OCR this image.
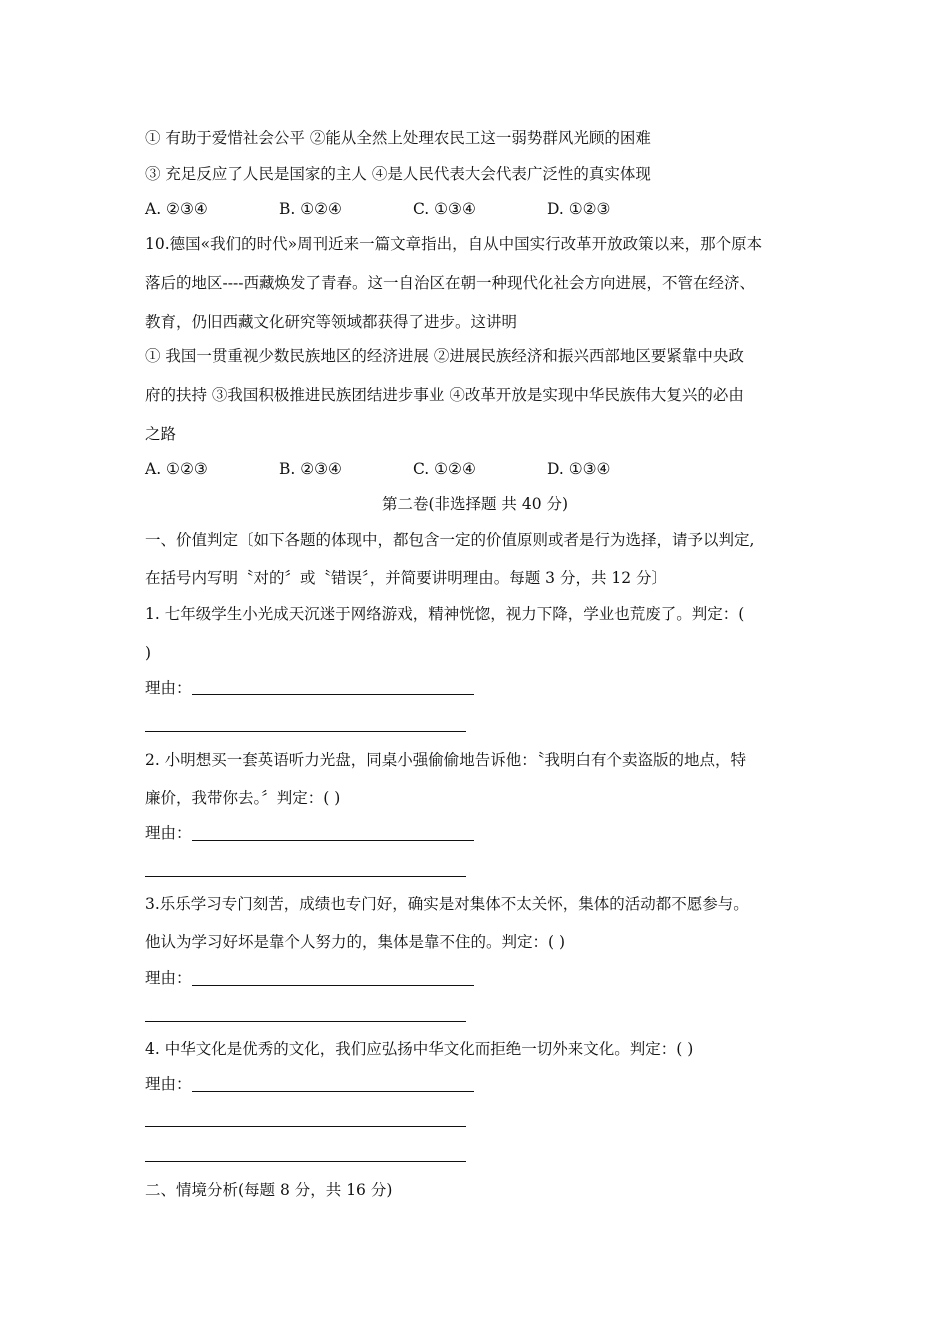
① 有助于爱惜社会公平 ②能从全然上处理农民工这一弱势群风光顾的困难
③ 充足反应了人民是国家的主人 ④是人民代表大会代表广泛性的真实体现
A. ②③④	B. ①②④	C. ①③④	D. ①②③
10.德国«我们的时代»周刊近来一篇文章指出，自从中国实行改革开放政策以来，那个原本
落后的地区----西藏焕发了青春。这一自治区在朝一种现代化社会方向进展，不管在经济、
教育，仍旧西藏文化研究等领域都获得了进步。这讲明
① 我国一贯重视少数民族地区的经济进展 ②进展民族经济和振兴西部地区要紧靠中央政
府的扶持 ③我国积极推进民族团结进步事业 ④改革开放是实现中华民族伟大复兴的必由
之路
A. ①②③	B. ②③④	C. ①②④	D. ①③④
第二卷(非选择题 共 40 分)
一、价值判定〔如下各题的体现中，都包含一定的价值原则或者是行为选择，请予以判定,
在括号内写明〝对的〞或〝错误〞，并简要讲明理由。每题 3 分，共 12 分〕
1. 七年级学生小光成天沉迷于网络游戏，精神恍惚，视力下降，学业也荒废了。判定：(
)
理由：
2. 小明想买一套英语听力光盘，同桌小强偷偷地告诉他：〝我明白有个卖盗版的地点，特
廉价，我带你去。〞判定：( )
理由：
3.乐乐学习专门刻苦，成绩也专门好，确实是对集体不太关怀，集体的活动都不愿参与。
他认为学习好坏是靠个人努力的，集体是靠不住的。判定：( )
理由：
4. 中华文化是优秀的文化，我们应弘扬中华文化而拒绝一切外来文化。判定：( )
理由：
二、情境分析(每题 8 分，共 16 分)
